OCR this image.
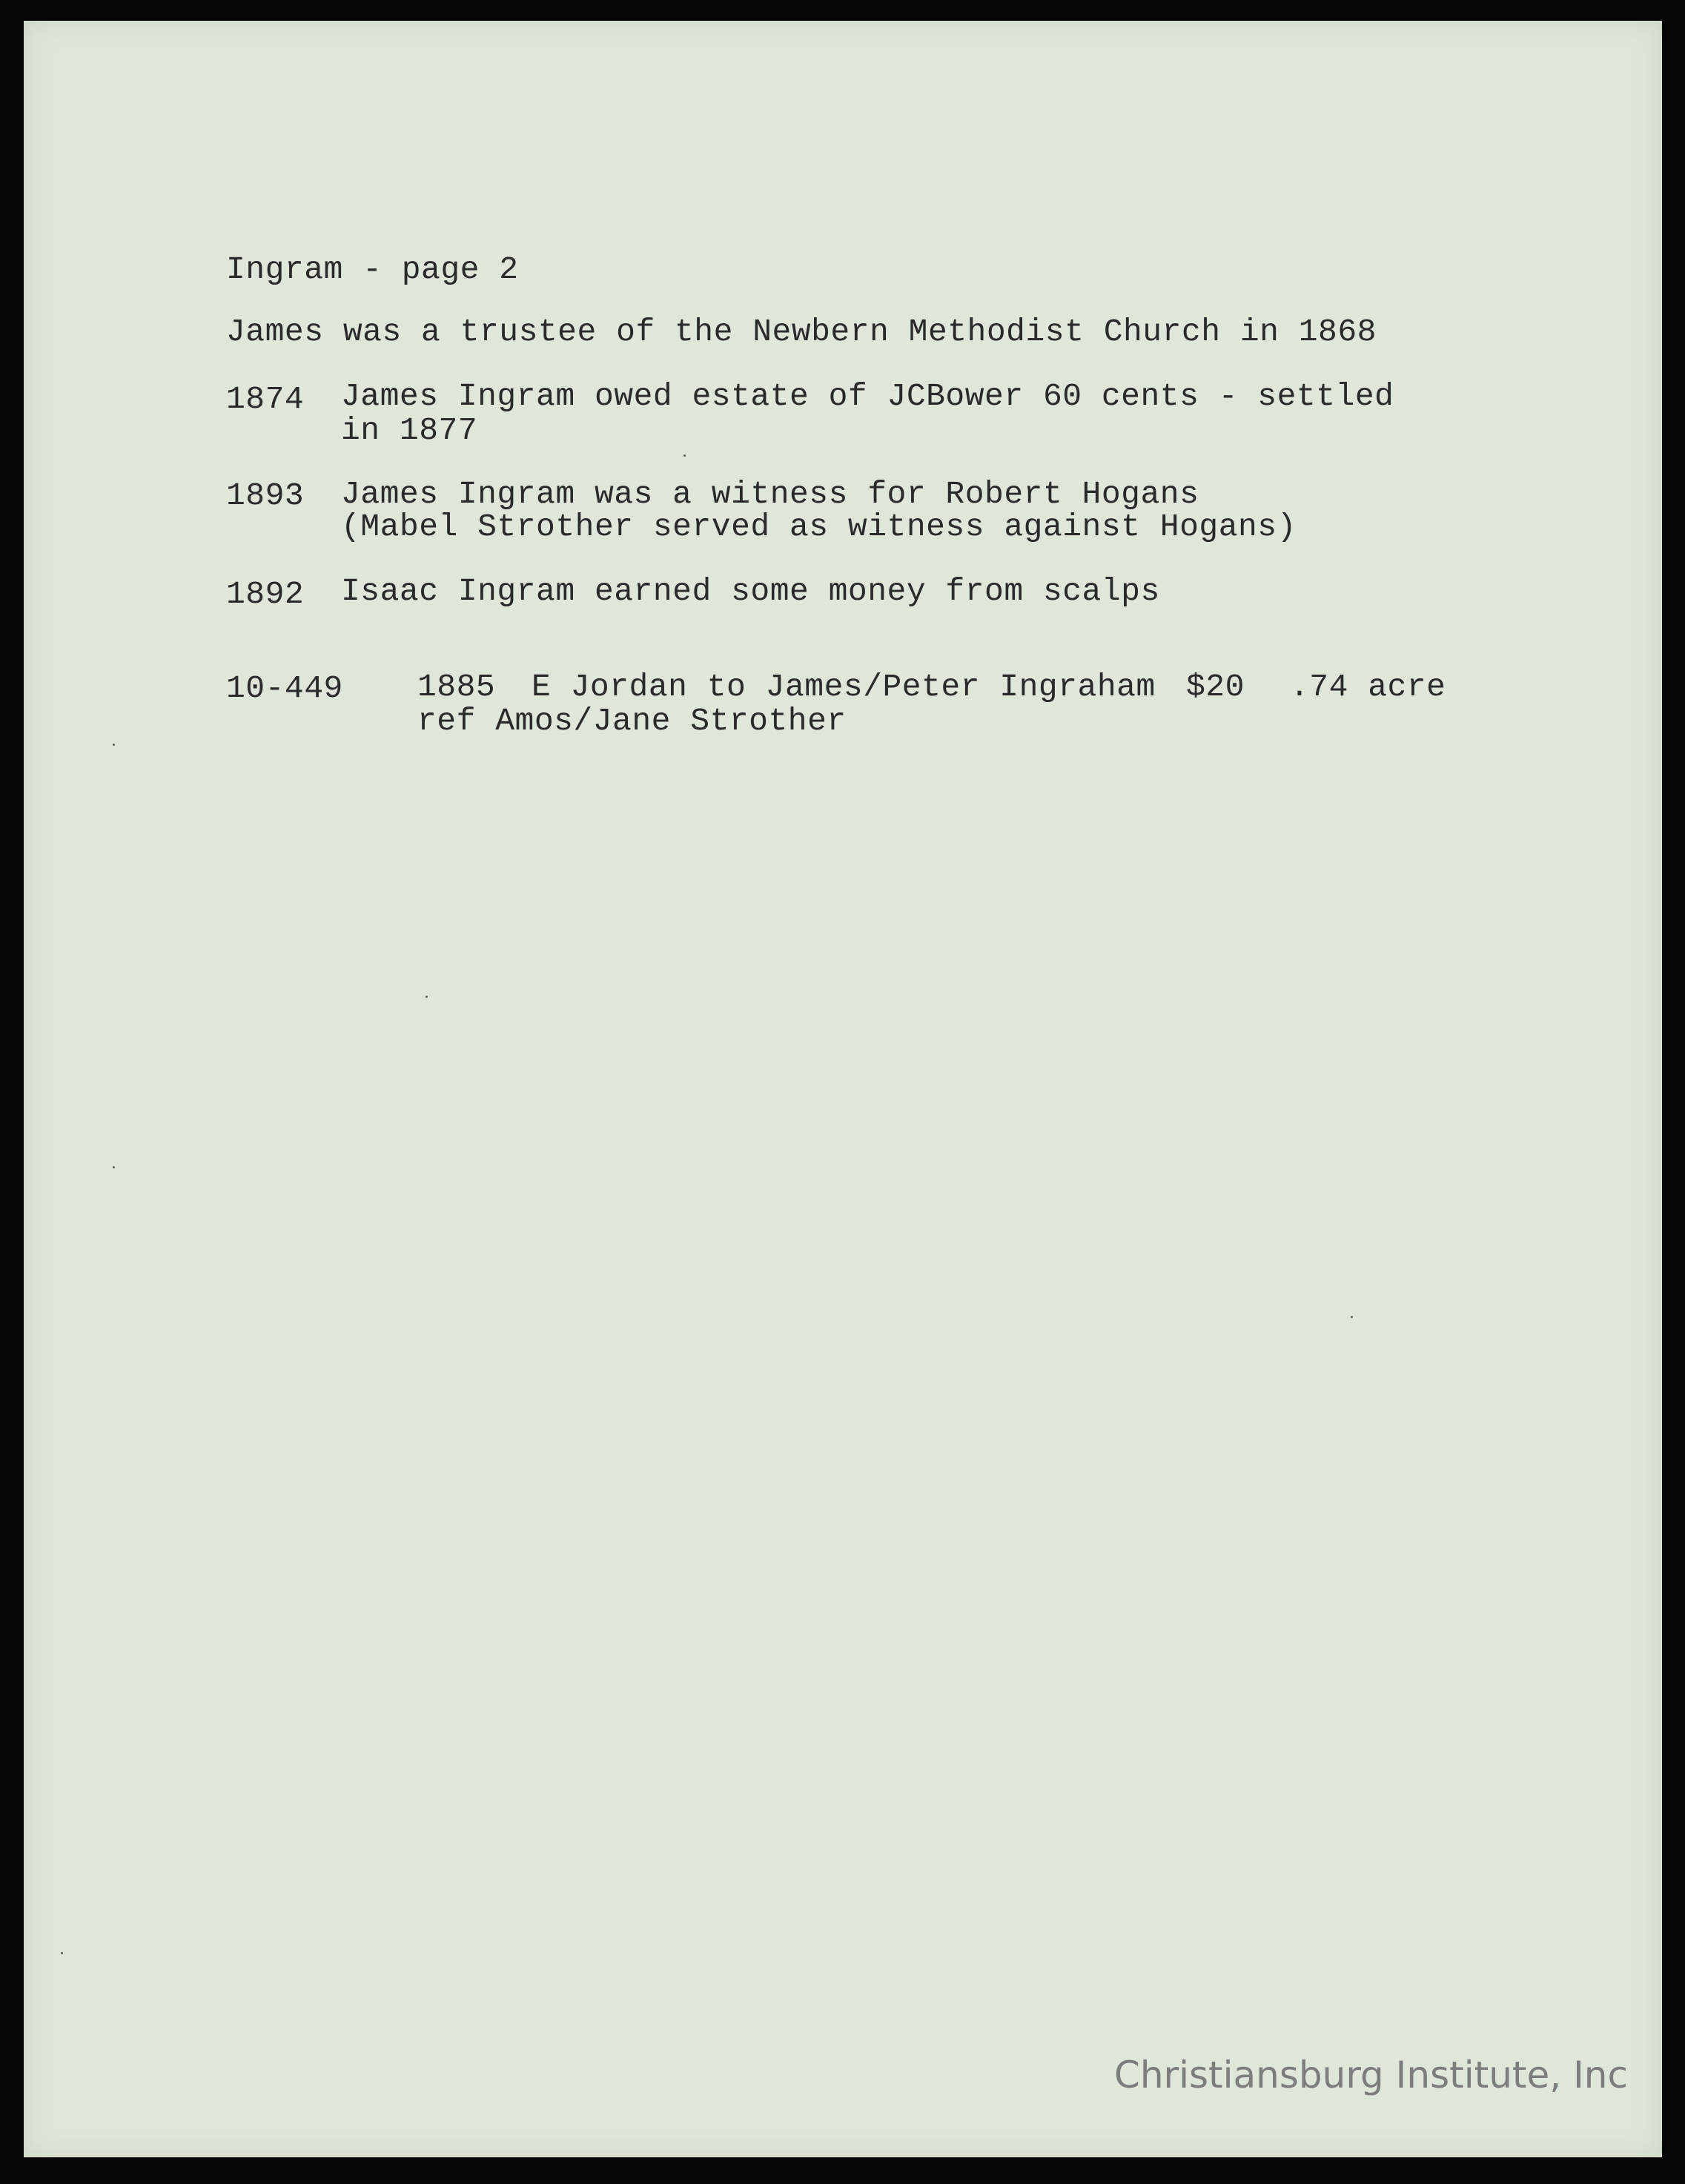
Ingram - page 2
James was a trustee of the Newbern Methodist Church in 1868
1874 James Ingram owed estate of JCBower 60 cents - settled
in 1877
1893 James Ingram was a witness for Robert Hogans
(Mabel Strother served as witness against Hogans)
1892 Isaac Ingram earned some money from scalps
10-449 1885 E Jordan to James/Peter Ingraham $20 .74 acre
ref Amos/Jane Strother
Christiansburg Institute, Inc
